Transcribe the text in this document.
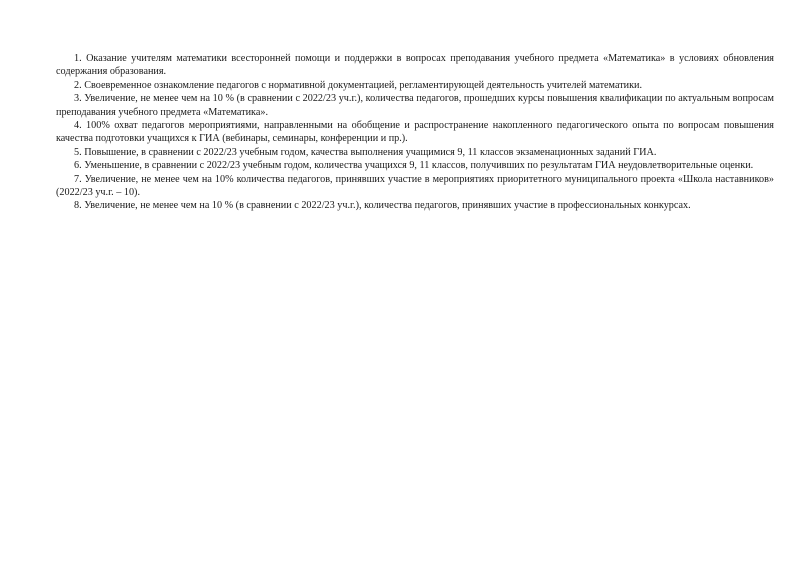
1. Оказание учителям математики всесторонней помощи и поддержки в вопросах преподавания учебного предмета «Математика» в условиях обновления содержания образования.

2. Своевременное ознакомление педагогов с нормативной документацией, регламентирующей деятельность учителей математики.

3. Увеличение, не менее чем на 10 % (в сравнении с 2022/23 уч.г.), количества педагогов, прошедших курсы повышения квалификации по актуальным вопросам преподавания учебного предмета «Математика».

4. 100% охват педагогов мероприятиями, направленными на обобщение и распространение накопленного педагогического опыта по вопросам повышения качества подготовки учащихся к ГИА (вебинары, семинары, конференции и пр.).

5. Повышение, в сравнении с 2022/23 учебным годом, качества выполнения учащимися 9, 11 классов экзаменационных заданий ГИА.

6. Уменьшение, в сравнении с 2022/23 учебным годом, количества учащихся 9, 11 классов, получивших по результатам ГИА неудовлетворительные оценки.

7. Увеличение, не менее чем на 10% количества педагогов, принявших участие в мероприятиях приоритетного муниципального проекта «Школа наставников» (2022/23 уч.г. – 10).

8. Увеличение, не менее чем на 10 % (в сравнении с 2022/23 уч.г.), количества педагогов, принявших участие в профессиональных конкурсах.
